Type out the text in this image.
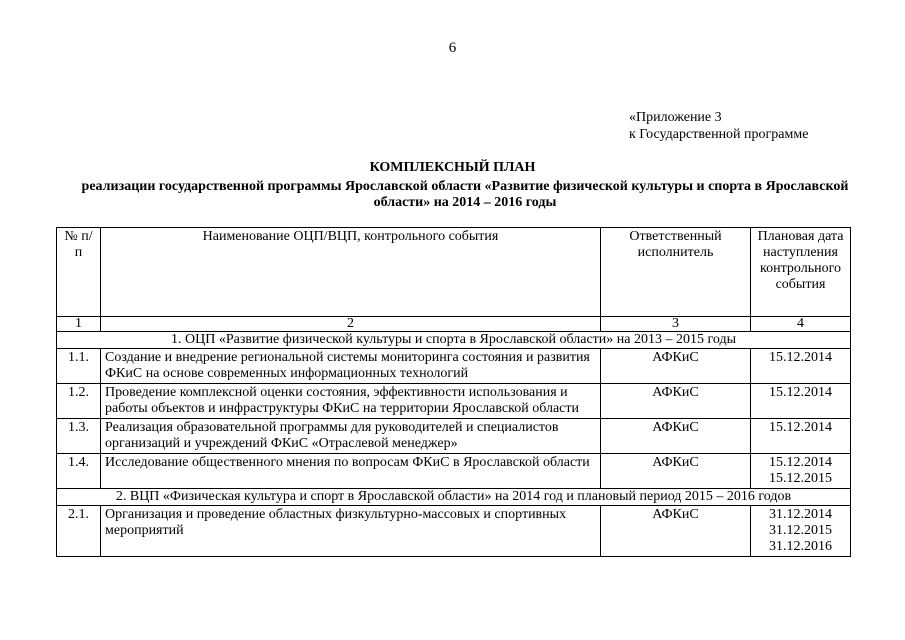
6
«Приложение 3
к Государственной программе
КОМПЛЕКСНЫЙ ПЛАН
реализации государственной программы Ярославской области «Развитие физической культуры и спорта в Ярославской области» на 2014 – 2016 годы
№ п/п	Наименование ОЦП/ВЦП, контрольного события	Ответственный исполнитель	Плановая дата наступления контрольного события
1	2	3	4
1. ОЦП «Развитие физической культуры и спорта в Ярославской области» на 2013 – 2015 годы			
1.1.	Создание и внедрение региональной системы мониторинга состояния и развития ФКиС на основе современных информационных технологий	АФКиС	15.12.2014

1.2.	Проведение комплексной оценки состояния, эффективности использования и работы объектов и инфраструктуры ФКиС на территории Ярославской области	АФКиС	15.12.2014

1.3.	Реализация образовательной программы для руководителей и специалистов организаций и учреждений ФКиС «Отраслевой менеджер»	АФКиС	15.12.2014

1.4.	Исследование общественного мнения по вопросам ФКиС в Ярославской области	АФКиС	15.12.2014
15.12.2015

2. ВЦП «Физическая культура и спорт в Ярославской области» на 2014 год и плановый период 2015 – 2016 годов			
2.1.	Организация и проведение областных физкультурно-массовых и спортивных мероприятий	АФКиС	31.12.2014
31.12.2015
31.12.2016
